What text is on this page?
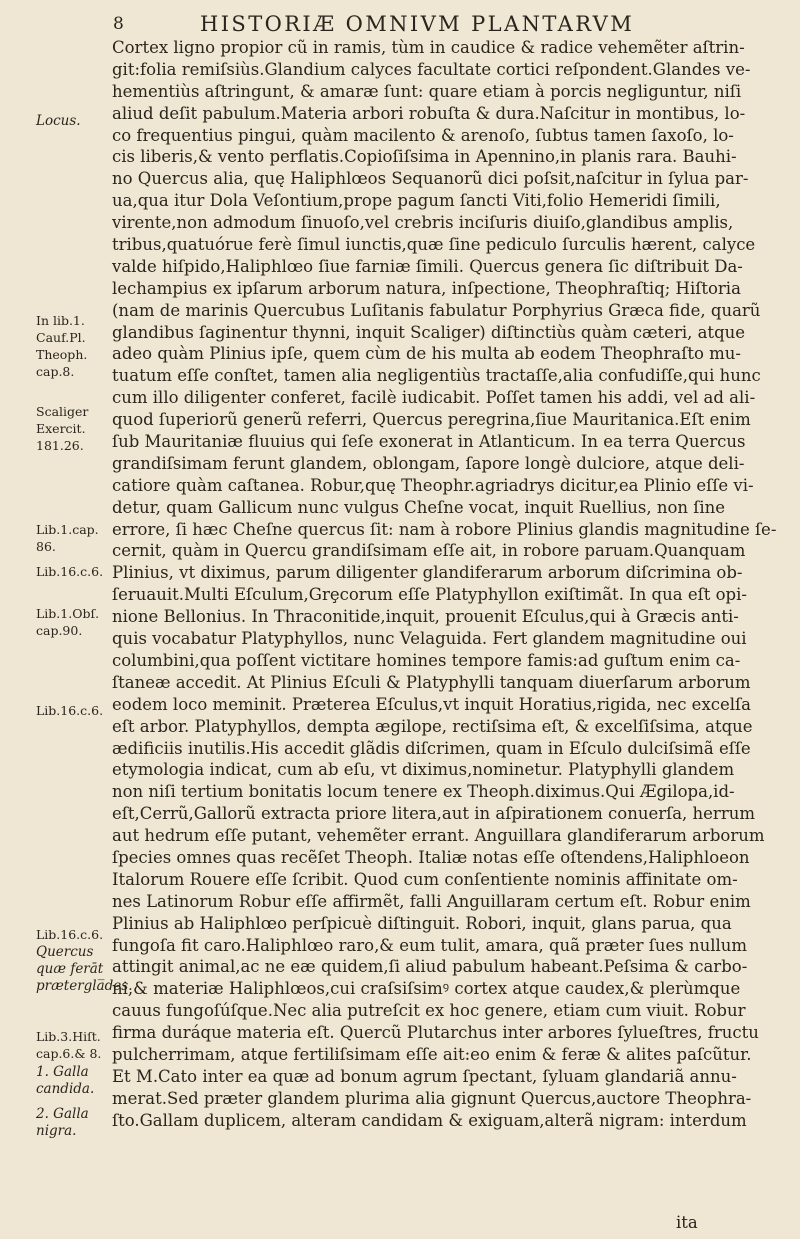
8	HISTORIÆ OMNIVM PLANTARVM
Locus.
In lib.1. Cauf.Pl. Theoph. cap.8.
Scaliger Exercit. 181.26.
Lib.1.cap. 86.
Lib.16.c.6.
Lib.1.Obſ. cap.90.
Lib.16.c.6.
Lib.16.c.6.
Quercus quæ ferāt prætergla̅des.
Lib.3.Hiſt. cap.6.& 8.
1. Galla candida.
2. Galla nigra.
Cortex ligno propior cũ in ramis, tùm in caudice & radice vehemẽter aſtrin-
git:folia remiſsiùs.Glandium calyces facultate cortici reſpondent.Glandes ve-
hementiùs aſtringunt, & amaræ ſunt: quare etiam à porcis negliguntur, niſi
aliud deſit pabulum.Materia arbori robuſta & dura.Naſcitur in montibus, lo-
co frequentius pingui, quàm macilento & arenoſo, ſubtus tamen ſaxoſo, lo-
cis liberis,& vento perflatis.Copioſiſsima in Apennino,in planis rara. Bauhi-
no Quercus alia, quę Haliphlœos Sequanorũ dici poſsit,naſcitur in ſylua par-
ua,qua itur Dola Veſontium,prope pagum ſancti Viti,folio Hemeridi ſimili,
virente,non admodum ſinuoſo,vel crebris inciſuris diuiſo,glandibus amplis,
tribus,quatuórue ferè ſimul iunctis,quæ ſine pediculo ſurculis hærent, calyce
valde hiſpido,Haliphlœo ſiue farniæ ſimili. Quercus genera ſic diſtribuit Da-
lechampius ex ipſarum arborum natura, inſpectione, Theophraſtiq; Hiſtoria
(nam de marinis Quercubus Luſitanis fabulatur Porphyrius Græca fide, quarũ
glandibus ſaginentur thynni, inquit Scaliger) diſtinctiùs quàm cæteri, atque
adeo quàm Plinius ipſe, quem cùm de his multa ab eodem Theophraſto mu-
tuatum eſſe conſtet, tamen alia negligentiùs tractaſſe,alia confudiſſe,qui hunc
cum illo diligenter conferet, facilè iudicabit. Poſſet tamen his addi, vel ad ali-
quod ſuperiorũ generũ referri, Quercus peregrina,ſiue Mauritanica.Eſt enim
ſub Mauritaniæ fluuius qui ſeſe exonerat in Atlanticum. In ea terra Quercus
grandiſsimam ferunt glandem, oblongam, ſapore longè dulciore, atque deli-
catiore quàm caſtanea. Robur,quę Theophr.agriadrys dicitur,ea Plinio eſſe vi-
detur, quam Gallicum nunc vulgus Cheſne vocat, inquit Ruellius, non ſine
errore, ſi hæc Cheſne quercus ſit: nam à robore Plinius glandis magnitudine ſe-
cernit, quàm in Quercu grandiſsimam eſſe ait, in robore paruam.Quanquam
Plinius, vt diximus, parum diligenter glandiferarum arborum diſcrimina ob-
ſeruauit.Multi Eſculum,Grȩcorum eſſe Platyphyllon exiſtimãt. In qua eſt opi-
nione Bellonius. In Thraconitide,inquit, prouenit Eſculus,qui à Græcis anti-
quis vocabatur Platyphyllos, nunc Velaguida. Fert glandem magnitudine oui
columbini,qua poſſent victitare homines tempore famis:ad guſtum enim ca-
ſtaneæ accedit. At Plinius Eſculi & Platyphylli tanquam diuerſarum arborum
eodem loco meminit. Præterea Eſculus,vt inquit Horatius,rigida, nec excelſa
eſt arbor. Platyphyllos, dempta ægilope, rectiſsima eſt, & excelſiſsima, atque
ædificiis inutilis.His accedit glãdis diſcrimen, quam in Eſculo dulciſsimã eſſe
etymologia indicat, cum ab eſu, vt diximus,nominetur. Platyphylli glandem
non niſi tertium bonitatis locum tenere ex Theoph.diximus.Qui Ægilopa,id-
eſt,Cerrũ,Gallorũ extracta priore litera,aut in aſpirationem conuerſa, herrum
aut hedrum eſſe putant, vehemẽter errant. Anguillara glandiferarum arborum
ſpecies omnes quas recẽſet Theoph. Italiæ notas eſſe oſtendens,Haliphloeon
Italorum Rouere eſſe ſcribit. Quod cum conſentiente nominis affinitate om-
nes Latinorum Robur eſſe affirmẽt, falli Anguillaram certum eſt. Robur enim
Plinius ab Haliphlœo perſpicuè diſtinguit. Robori, inquit, glans parua, qua
fungoſa fit caro.Haliphlœo raro,& eum tulit, amara, quã præter ſues nullum
attingit animal,ac ne eæ quidem,ſi aliud pabulum habeant.Peſsima & carbo-
ni,& materiæ Haliphlœos,cui craſsiſsimꝰ cortex atque caudex,& plerùmque
cauus fungoſúſque.Nec alia putreſcit ex hoc genere, etiam cum viuit. Robur
firma duráque materia eſt. Quercũ Plutarchus inter arbores ſylueſtres, fructu
pulcherrimam, atque fertiliſsimam eſſe ait:eo enim & feræ & alites paſcũtur.
Et M.Cato inter ea quæ ad bonum agrum ſpectant, ſyluam glandariã annu-
merat.Sed præter glandem plurima alia gignunt Quercus,auctore Theophra-
ſto.Gallam duplicem, alteram candidam & exiguam,alterã nigram: interdum
ita
